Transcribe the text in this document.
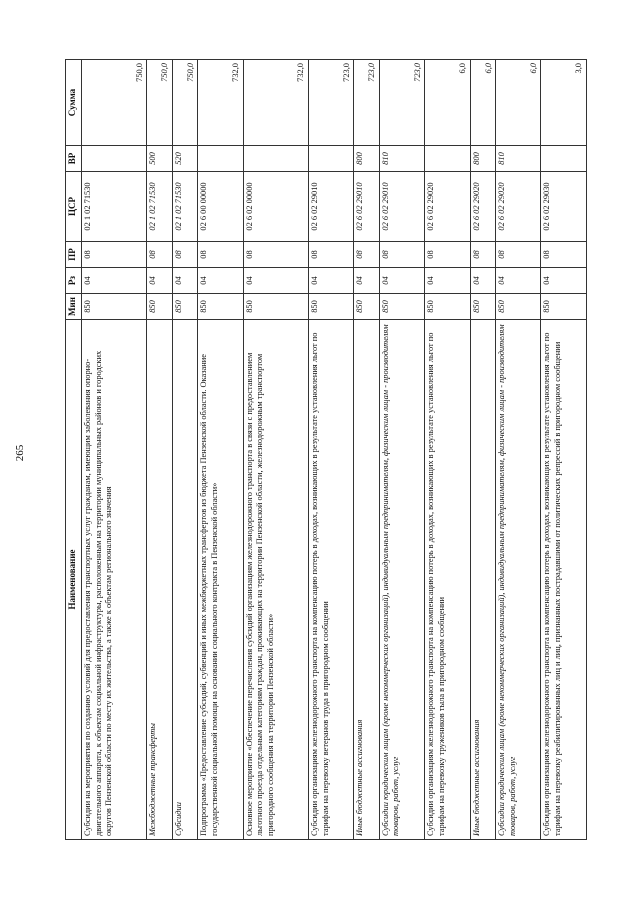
265
Наименование	Мин	Рз	ПР	ЦСР	ВР	Сумма
Субсидии на мероприятия по созданию условий для предоставления транспортных услуг гражданам, имеющим заболевания опорно-двигательного аппарата, к объектам социальной инфраструктуры, расположенным на территории муниципальных районов и городских округов Пензенской области по месту их жительства, а также к объектам регионального значения	850	04	08	02 1 02 71530		750,0
Межбюджетные трансферты	850	04	08	02 1 02 71530	500	750,0
Субсидии	850	04	08	02 1 02 71530	520	750,0
Подпрограмма «Предоставление субсидий, субвенций и иных межбюджетных трансфертов из бюджета Пензенской области. Оказание государственной социальной помощи на основании социального контракта в Пензенской области»	850	04	08	02 6 00 00000		732,0
Основное мероприятие «Обеспечение перечисления субсидий организациям железнодорожного транспорта в связи с предоставлением льготного проезда отдельным категориям граждан, проживающих на территории Пензенской области, железнодорожным транспортом пригородного сообщения на территории Пензенской области»	850	04	08	02 6 02 00000		732,0
Субсидии организациям железнодорожного транспорта на компенсацию потерь в доходах, возникающих в результате установления льгот по тарифам на перевозку ветеранов труда в пригородном сообщении	850	04	08	02 6 02 29010		723,0
Иные бюджетные ассигнования	850	04	08	02 6 02 29010	800	723,0
Субсидии юридическим лицам (кроме некоммерческих организаций), индивидуальным предпринимателям, физическим лицам - производителям товаров, работ, услуг	850	04	08	02 6 02 29010	810	723,0
Субсидии организациям железнодорожного транспорта на компенсацию потерь в доходах, возникающих в результате установления льгот по тарифам на перевозку тружеников тыла в пригородном сообщении	850	04	08	02 6 02 29020		6,0
Иные бюджетные ассигнования	850	04	08	02 6 02 29020	800	6,0
Субсидии юридическим лицам (кроме некоммерческих организаций), индивидуальным предпринимателям, физическим лицам - производителям товаров, работ, услуг	850	04	08	02 6 02 29020	810	6,0
Субсидии организациям железнодорожного транспорта на компенсацию потерь в доходах, возникающих в результате установления льгот по тарифам на перевозку реабилитированных лиц и лиц, признанных пострадавшими от политических репрессий в пригородном сообщении	850	04	08	02 6 02 29030		3,0
